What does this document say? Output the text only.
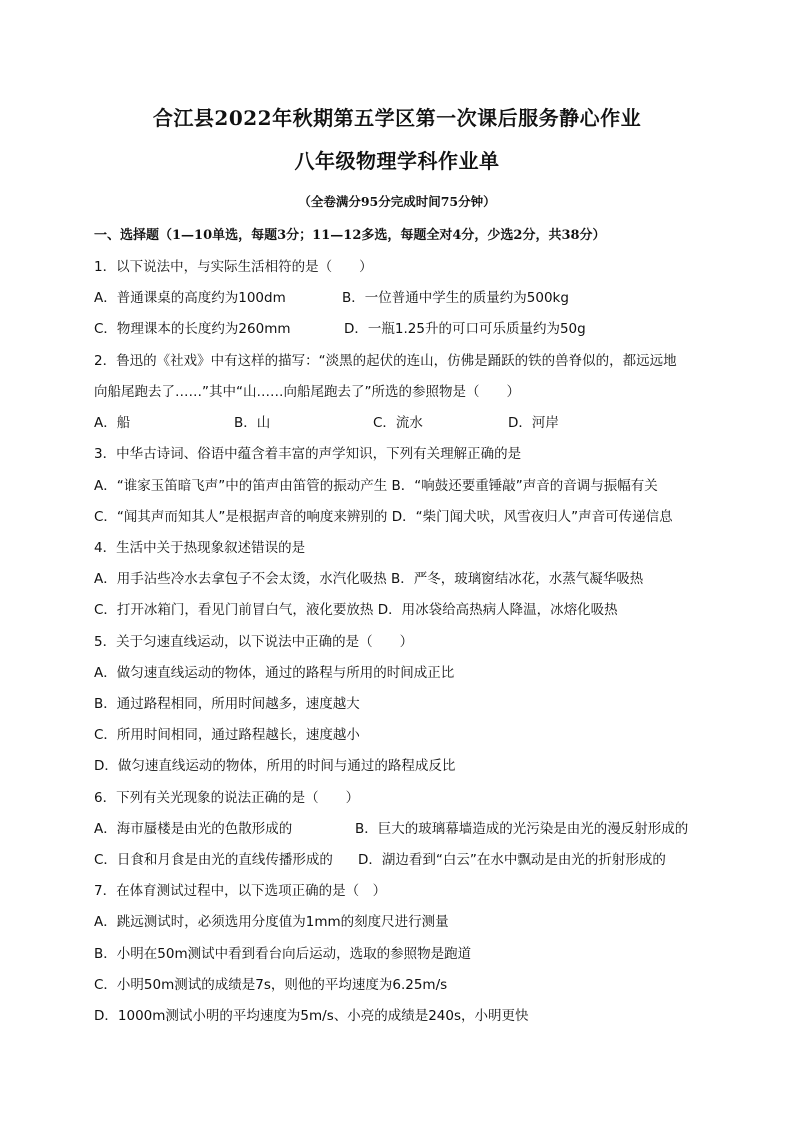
合江县2022年秋期第五学区第一次课后服务静心作业
八年级物理学科作业单
（全卷满分95分完成时间75分钟）
一、选择题（1—10单选，每题3分；11—12多选，每题全对4分，少选2分，共38分）
1．以下说法中，与实际生活相符的是（　　）
A．普通课桌的高度约为100dm	B．一位普通中学生的质量约为500kg
C．物理课本的长度约为260mm	D．一瓶1.25升的可口可乐质量约为50g
2．鲁迅的《社戏》中有这样的描写：“淡黑的起伏的连山，仿佛是踊跃的铁的兽脊似的，都远远地
向船尾跑去了……”其中“山……向船尾跑去了”所选的参照物是（　　）
A．船	B．山	C．流水	D．河岸
3．中华古诗词、俗语中蕴含着丰富的声学知识，下列有关理解正确的是
A．“谁家玉笛暗飞声”中的笛声由笛管的振动产生 B．“响鼓还要重锤敲”声音的音调与振幅有关
C．“闻其声而知其人”是根据声音的响度来辨别的 D．“柴门闻犬吠，风雪夜归人”声音可传递信息
4．生活中关于热现象叙述错误的是
A．用手沾些冷水去拿包子不会太烫，水汽化吸热 B．严冬，玻璃窗结冰花，水蒸气凝华吸热
C．打开冰箱门，看见门前冒白气，液化要放热 D．用冰袋给高热病人降温，冰熔化吸热
5．关于匀速直线运动，以下说法中正确的是（　　）
A．做匀速直线运动的物体，通过的路程与所用的时间成正比
B．通过路程相同，所用时间越多，速度越大
C．所用时间相同，通过路程越长，速度越小
D．做匀速直线运动的物体，所用的时间与通过的路程成反比
6．下列有关光现象的说法正确的是（　　）
A．海市蜃楼是由光的色散形成的	B．巨大的玻璃幕墙造成的光污染是由光的漫反射形成的
C．日食和月食是由光的直线传播形成的 D．湖边看到“白云”在水中飘动是由光的折射形成的
7．在体育测试过程中，以下选项正确的是（　）
A．跳远测试时，必须选用分度值为1mm的刻度尺进行测量
B．小明在50m测试中看到看台向后运动，选取的参照物是跑道
C．小明50m测试的成绩是7s，则他的平均速度为6.25m/s
D．1000m测试小明的平均速度为5m/s、小亮的成绩是240s，小明更快
